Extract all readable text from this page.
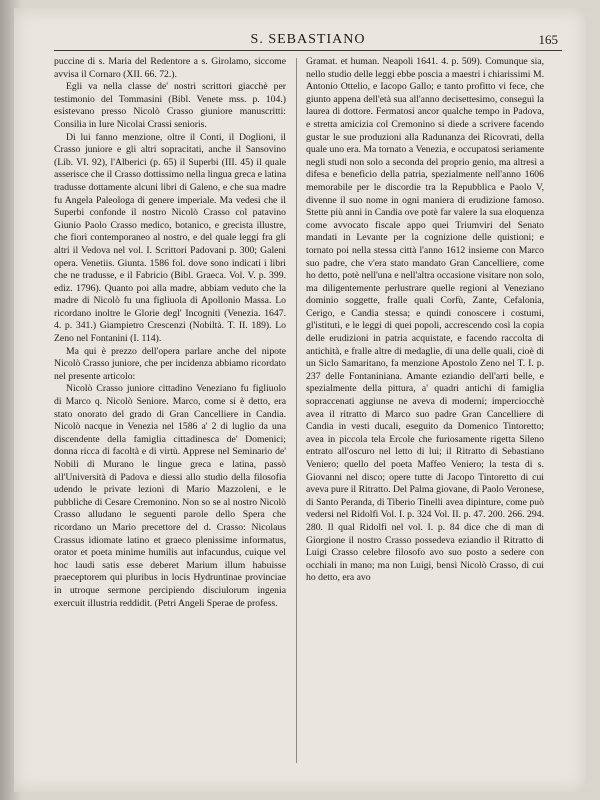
S. SEBASTIANO	165

puccine di s. Maria del Redentore a s. Girolamo, siccome avvisa il Cornaro (XII. 66. 72.).

Egli va nella classe de' nostri scrittori giacchè per testimonio del Tommasini (Bibl. Venete mss. p. 104.) esistevano presso Nicolò Crasso giuniore manuscritti: Consilia in Iure Nicolai Crassi senioris.

Di lui fanno menzione, oltre il Conti, il Doglioni, il Crasso juniore e gli altri sopracitati, anche il Sansovino (Lib. VI. 92), l'Alberici (p. 65) il Superbi (III. 45) il quale asserisce che il Crasso dottissimo nella lingua greca e latina tradusse dottamente alcuni libri di Galeno, e che sua madre fu Angela Paleologa di genere imperiale. Ma vedesi che il Superbi confonde il nostro Nicolò Crasso col patavino Giunio Paolo Crasso medico, botanico, e grecista illustre, che fiorì contemporaneo al nostro, e del quale leggi fra gli altri il Vedova nel vol. I. Scrittori Padovani p. 300; Galeni opera. Venetiis. Giunta. 1586 fol. dove sono indicati i libri che ne tradusse, e il Fabricio (Bibl. Graeca. Vol. V. p. 399. ediz. 1796). Quanto poi alla madre, abbiam veduto che la madre di Nicolò fu una figliuola di Apollonio Massa. Lo ricordano inoltre le Glorie degl' Incogniti (Venezia. 1647. 4. p. 341.) Giampietro Crescenzi (Nobiltà. T. II. 189). Lo Zeno nel Fontanini (I. 114).

Ma qui è prezzo dell'opera parlare anche del nipote Nicolò Crasso juniore, che per incidenza abbiamo ricordato nel presente articolo:

Nicolò Crasso juniore cittadino Veneziano fu figliuolo di Marco q. Nicolò Seniore. Marco, come si è detto, era stato onorato del grado di Gran Cancelliere in Candia. Nicolò nacque in Venezia nel 1586 a' 2 di luglio da una discendente della famiglia cittadinesca de' Domenici; donna ricca di facoltà e di virtù. Apprese nel Seminario de' Nobili di Murano le lingue greca e latina, passò all'Università di Padova e diessi allo studio della filosofia udendo le private lezioni di Mario Mazzoleni, e le pubbliche di Cesare Cremonino. Non so se al nostro Nicolò Crasso alludano le seguenti parole dello Spera che ricordano un Mario precettore del d. Crasso: Nicolaus Crassus idiomate latino et graeco plenissime informatus, orator et poeta minime humilis aut infacundus, cuique vel hoc laudi satis esse deberet Marium illum habuisse praeceptorem qui pluribus in locis Hydruntinae provinciae in utroque sermone percipiendo disciulorum ingenia exercuit illustria reddidit. (Petri Angeli Sperae de profess.

Gramat. et human. Neapoli 1641. 4. p. 509). Comunque sia, nello studio delle leggi ebbe poscia a maestri i chiarissimi M. Antonio Ottelio, e Iacopo Gallo; e tanto profitto vi fece, che giunto appena dell'età sua all'anno decisettesimo, conseguì la laurea di dottore. Fermatosi ancor qualche tempo in Padova, e stretta amicizia col Cremonino si diede a scrivere facendo gustar le sue produzioni alla Radunanza dei Ricovrati, della quale uno era. Ma tornato a Venezia, e occupatosi seriamente negli studi non solo a seconda del proprio genio, ma altresì a difesa e beneficio della patria, spezialmente nell'anno 1606 memorabile per le discordie tra la Repubblica e Paolo V, divenne il suo nome in ogni maniera di erudizione famoso. Stette più anni in Candia ove potè far valere la sua eloquenza come avvocato fiscale appo quei Triumviri del Senato mandati in Levante per la cognizione delle quistioni; e tornato poi nella stessa città l'anno 1612 insieme con Marco suo padre, che v'era stato mandato Gran Cancelliere, come ho detto, potè nell'una e nell'altra occasione visitare non solo, ma diligentemente perlustrare quelle regioni al Veneziano dominio soggette, fralle quali Corfù, Zante, Cefalonia, Cerigo, e Candia stessa; e quindi conoscere i costumi, gl'istituti, e le leggi di quei popoli, accrescendo così la copia delle erudizioni in patria acquistate, e facendo raccolta di antichità, e fralle altre di medaglie, di una delle quali, cioè di un Siclo Samaritano, fa menzione Apostolo Zeno nel T. I. p. 237 delle Fontaniniana. Amante eziandio dell'arti belle, e spezialmente della pittura, a' quadri antichi di famiglia sopraccenati aggiunse ne aveva di moderni; imperciocchè avea il ritratto di Marco suo padre Gran Cancelliere di Candia in vesti ducali, eseguito da Domenico Tintoretto; avea in piccola tela Ercole che furiosamente rigetta Sileno entrato all'oscuro nel letto di lui; il Ritratto di Sebastiano Veniero; quello del poeta Maffeo Veniero; la testa di s. Giovanni nel disco; opere tutte di Jacopo Tintoretto di cui aveva pure il Ritratto. Del Palma giovane, di Paolo Veronese, di Santo Peranda, di Tiberio Tinelli avea dipinture, come può vedersi nel Ridolfi Vol. I. p. 324 Vol. II. p. 47. 200. 266. 294. 280. Il qual Ridolfi nel vol. I. p. 84 dice che di man di Giorgione il nostro Crasso possedeva eziandio il Ritratto di Luigi Crasso celebre filosofo avo suo posto a sedere con occhiali in mano; ma non Luigi, bensì Nicolò Crasso, di cui ho detto, era avo
